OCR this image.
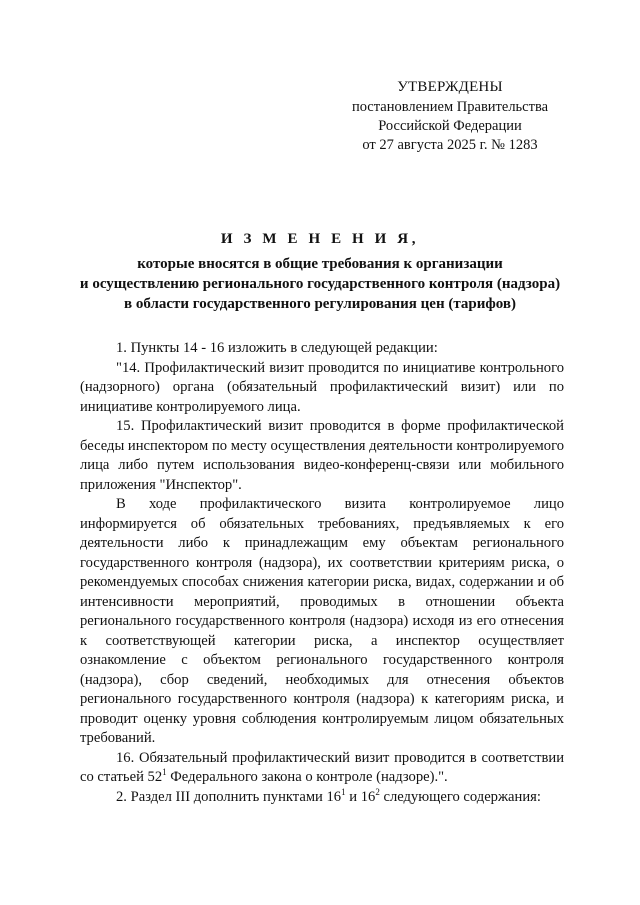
УТВЕРЖДЕНЫ
постановлением Правительства
Российской Федерации
от 27 августа 2025 г. № 1283
И З М Е Н Е Н И Я,
которые вносятся в общие требования к организации
и осуществлению регионального государственного контроля (надзора)
в области государственного регулирования цен (тарифов)

1. Пункты 14 - 16 изложить в следующей редакции:

"14. Профилактический визит проводится по инициативе контрольного (надзорного) органа (обязательный профилактический визит) или по инициативе контролируемого лица.

15. Профилактический визит проводится в форме профилактической беседы инспектором по месту осуществления деятельности контролируемого лица либо путем использования видео-конференц-связи или мобильного приложения "Инспектор".

В ходе профилактического визита контролируемое лицо информируется об обязательных требованиях, предъявляемых к его деятельности либо к принадлежащим ему объектам регионального государственного контроля (надзора), их соответствии критериям риска, о рекомендуемых способах снижения категории риска, видах, содержании и об интенсивности мероприятий, проводимых в отношении объекта регионального государственного контроля (надзора) исходя из его отнесения к соответствующей категории риска, а инспектор осуществляет ознакомление с объектом регионального государственного контроля (надзора), сбор сведений, необходимых для отнесения объектов регионального государственного контроля (надзора) к категориям риска, и проводит оценку уровня соблюдения контролируемым лицом обязательных требований.

16. Обязательный профилактический визит проводится в соответствии со статьей $52^1$ Федерального закона о контроле (надзоре).".

2. Раздел III дополнить пунктами $16^1$ и $16^2$ следующего содержания:
